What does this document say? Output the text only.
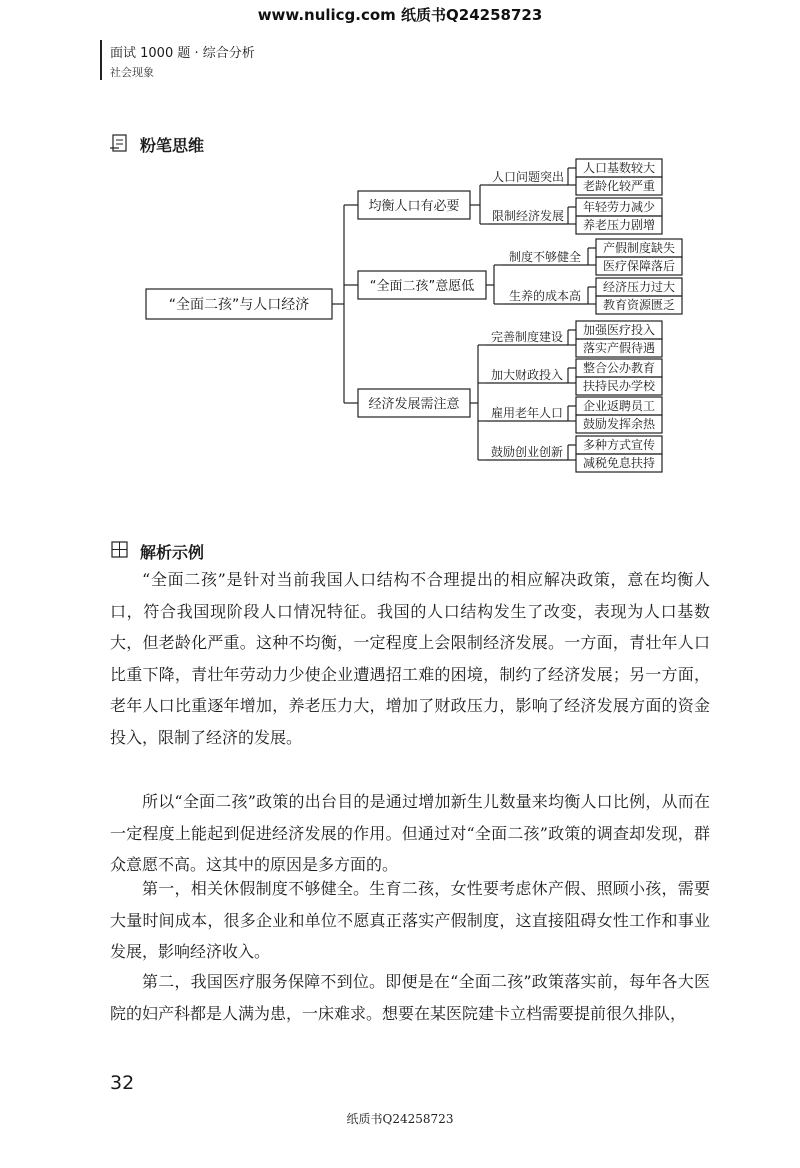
www.nulicg.com 纸质书Q24258723
面试 1000 题 · 综合分析
社会现象
粉笔思维
“全面二孩”与人口经济
均衡人口有必要
“全面二孩”意愿低
经济发展需注意
人口问题突出
限制经济发展
制度不够健全
生养的成本高
完善制度建设
加大财政投入
雇用老年人口
鼓励创业创新
人口基数较大
老龄化较严重
年轻劳力减少
养老压力剧增
产假制度缺失
医疗保障落后
经济压力过大
教育资源匮乏
加强医疗投入
落实产假待遇
整合公办教育
扶持民办学校
企业返聘员工
鼓励发挥余热
多种方式宣传
减税免息扶持
解析示例

“全面二孩”是针对当前我国人口结构不合理提出的相应解决政策，意在均衡人口，符合我国现阶段人口情况特征。我国的人口结构发生了改变，表现为人口基数大，但老龄化严重。这种不均衡，一定程度上会限制经济发展。一方面，青壮年人口比重下降，青壮年劳动力少使企业遭遇招工难的困境，制约了经济发展；另一方面，老年人口比重逐年增加，养老压力大，增加了财政压力，影响了经济发展方面的资金投入，限制了经济的发展。

所以“全面二孩”政策的出台目的是通过增加新生儿数量来均衡人口比例，从而在一定程度上能起到促进经济发展的作用。但通过对“全面二孩”政策的调查却发现，群众意愿不高。这其中的原因是多方面的。

第一，相关休假制度不够健全。生育二孩，女性要考虑休产假、照顾小孩，需要大量时间成本，很多企业和单位不愿真正落实产假制度，这直接阻碍女性工作和事业发展，影响经济收入。

第二，我国医疗服务保障不到位。即便是在“全面二孩”政策落实前，每年各大医院的妇产科都是人满为患，一床难求。想要在某医院建卡立档需要提前很久排队，

32
纸质书Q24258723
